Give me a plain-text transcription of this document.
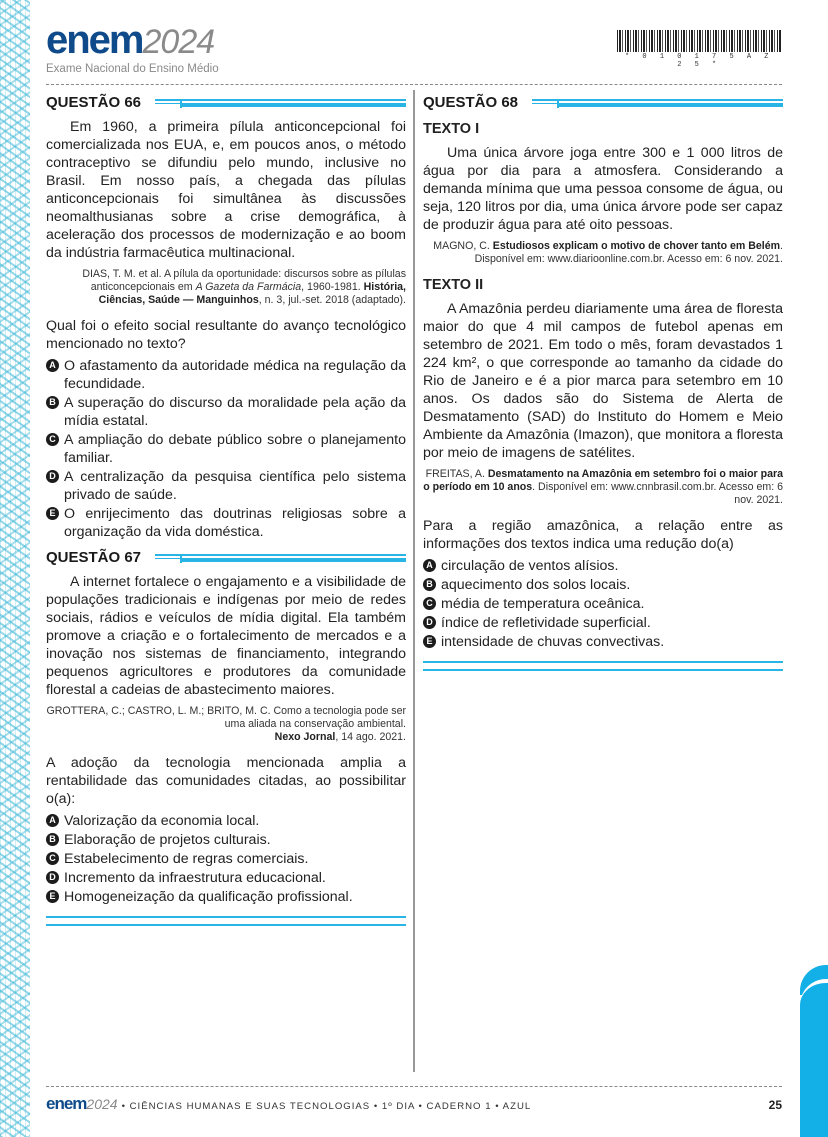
enem2024
Exame Nacional do Ensino Médio
* 0 1 0 1 7 5 A Z 2 5 *
QUESTÃO 66

Em 1960, a primeira pílula anticoncepcional foi comercializada nos EUA, e, em poucos anos, o método contraceptivo se difundiu pelo mundo, inclusive no Brasil. Em nosso país, a chegada das pílulas anticoncepcionais foi simultânea às discussões neomalthusianas sobre a crise demográfica, à aceleração dos processos de modernização e ao boom da indústria farmacêutica multinacional.

DIAS, T. M. et al. A pílula da oportunidade: discursos sobre as pílulas anticoncepcionais em A Gazeta da Farmácia, 1960-1981. História, Ciências, Saúde — Manguinhos, n. 3, jul.-set. 2018 (adaptado).

Qual foi o efeito social resultante do avanço tecnológico mencionado no texto?

A O afastamento da autoridade médica na regulação da fecundidade.
B A superação do discurso da moralidade pela ação da mídia estatal.
C A ampliação do debate público sobre o planejamento familiar.
D A centralização da pesquisa científica pelo sistema privado de saúde.
E O enrijecimento das doutrinas religiosas sobre a organização da vida doméstica.
QUESTÃO 67

A internet fortalece o engajamento e a visibilidade de populações tradicionais e indígenas por meio de redes sociais, rádios e veículos de mídia digital. Ela também promove a criação e o fortalecimento de mercados e a inovação nos sistemas de financiamento, integrando pequenos agricultores e produtores da comunidade florestal a cadeias de abastecimento maiores.

GROTTERA, C.; CASTRO, L. M.; BRITO, M. C. Como a tecnologia pode ser uma aliada na conservação ambiental.
Nexo Jornal, 14 ago. 2021.

A adoção da tecnologia mencionada amplia a rentabilidade das comunidades citadas, ao possibilitar o(a):

A Valorização da economia local.
B Elaboração de projetos culturais.
C Estabelecimento de regras comerciais.
D Incremento da infraestrutura educacional.
E Homogeneização da qualificação profissional.
QUESTÃO 68
TEXTO I

Uma única árvore joga entre 300 e 1 000 litros de água por dia para a atmosfera. Considerando a demanda mínima que uma pessoa consome de água, ou seja, 120 litros por dia, uma única árvore pode ser capaz de produzir água para até oito pessoas.

MAGNO, C. Estudiosos explicam o motivo de chover tanto em Belém. Disponível em: www.diarioonline.com.br. Acesso em: 6 nov. 2021.
TEXTO II

A Amazônia perdeu diariamente uma área de floresta maior do que 4 mil campos de futebol apenas em setembro de 2021. Em todo o mês, foram devastados 1 224 km², o que corresponde ao tamanho da cidade do Rio de Janeiro e é a pior marca para setembro em 10 anos. Os dados são do Sistema de Alerta de Desmatamento (SAD) do Instituto do Homem e Meio Ambiente da Amazônia (Imazon), que monitora a floresta por meio de imagens de satélites.

FREITAS, A. Desmatamento na Amazônia em setembro foi o maior para o período em 10 anos. Disponível em: www.cnnbrasil.com.br. Acesso em: 6 nov. 2021.

Para a região amazônica, a relação entre as informações dos textos indica uma redução do(a)

A circulação de ventos alísios.
B aquecimento dos solos locais.
C média de temperatura oceânica.
D índice de refletividade superficial.
E intensidade de chuvas convectivas.
enem 2024 • CIÊNCIAS HUMANAS E SUAS TECNOLOGIAS • 1º DIA • CADERNO 1 • AZUL	25
